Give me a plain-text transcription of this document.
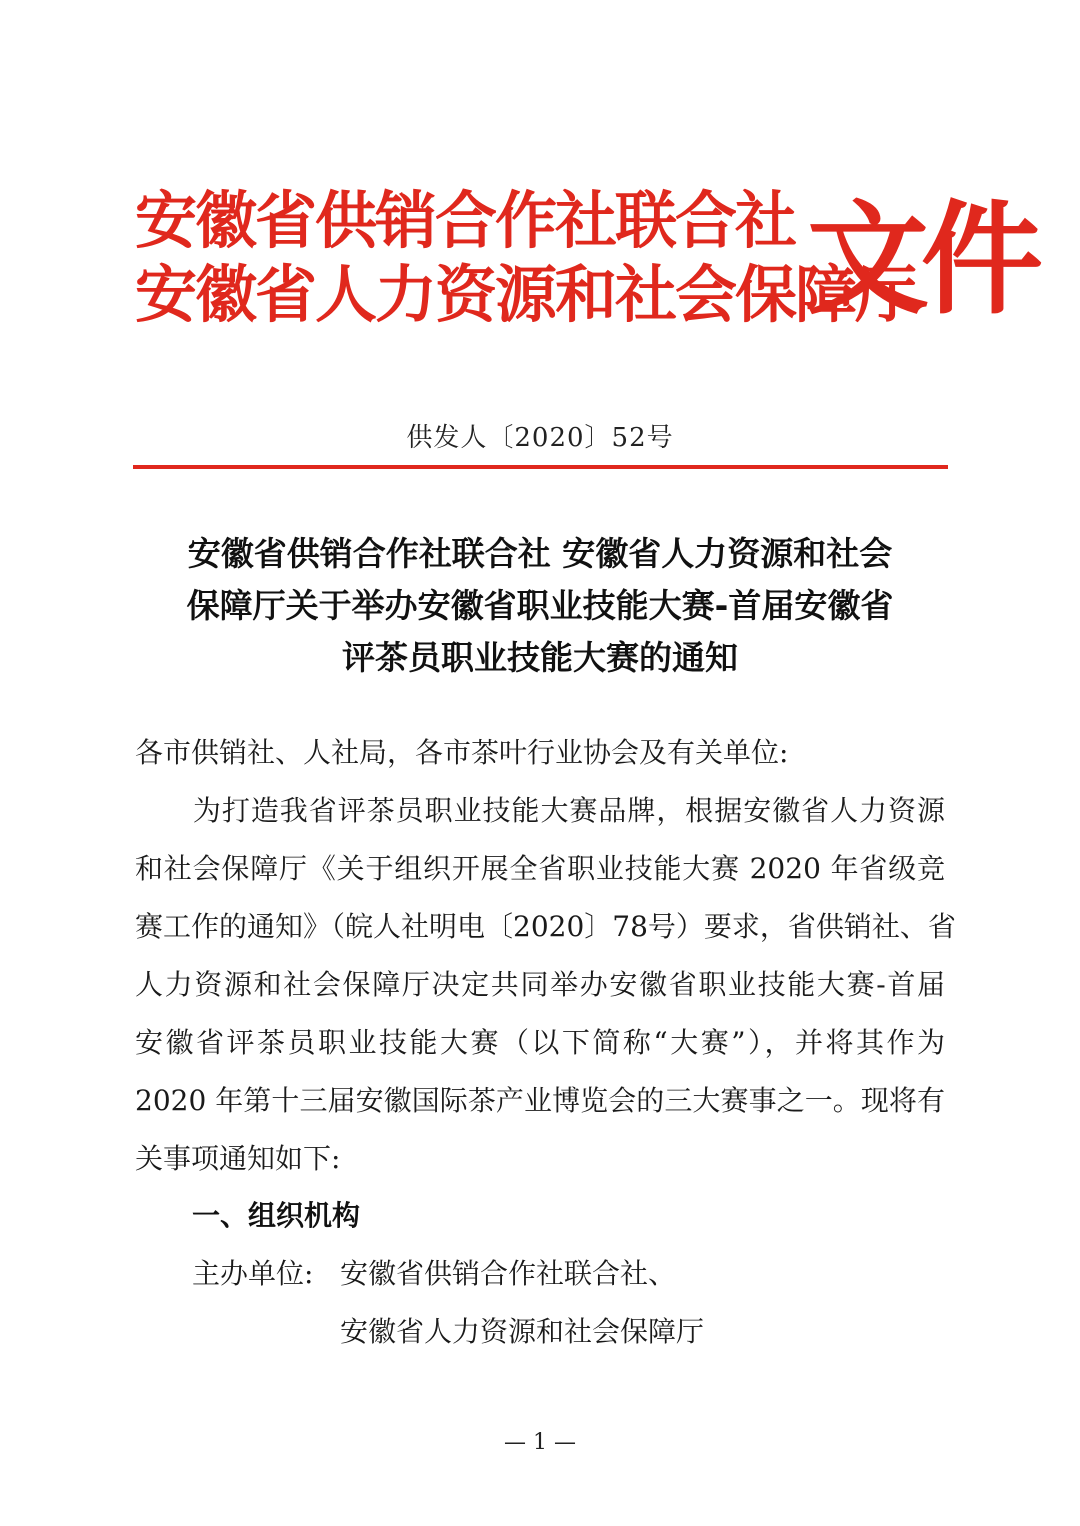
安徽省供销合作社联合社
安徽省人力资源和社会保障厅
文件
供发人〔2020〕52号
安徽省供销合作社联合社 安徽省人力资源和社会
保障厅关于举办安徽省职业技能大赛-首届安徽省
评茶员职业技能大赛的通知
各市供销社、人社局，各市茶叶行业协会及有关单位:
　　为打造我省评茶员职业技能大赛品牌，根据安徽省人力资源
和社会保障厅《关于组织开展全省职业技能大赛 2020 年省级竞
赛工作的通知》（皖人社明电〔2020〕78号）要求，省供销社、省
人力资源和社会保障厅决定共同举办安徽省职业技能大赛-首届
安徽省评茶员职业技能大赛（以下简称“大赛”），并将其作为
2020 年第十三届安徽国际茶产业博览会的三大赛事之一。现将有
关事项通知如下:
一、组织机构
主办单位: 安徽省供销合作社联合社、
安徽省人力资源和社会保障厅
— 1 —
